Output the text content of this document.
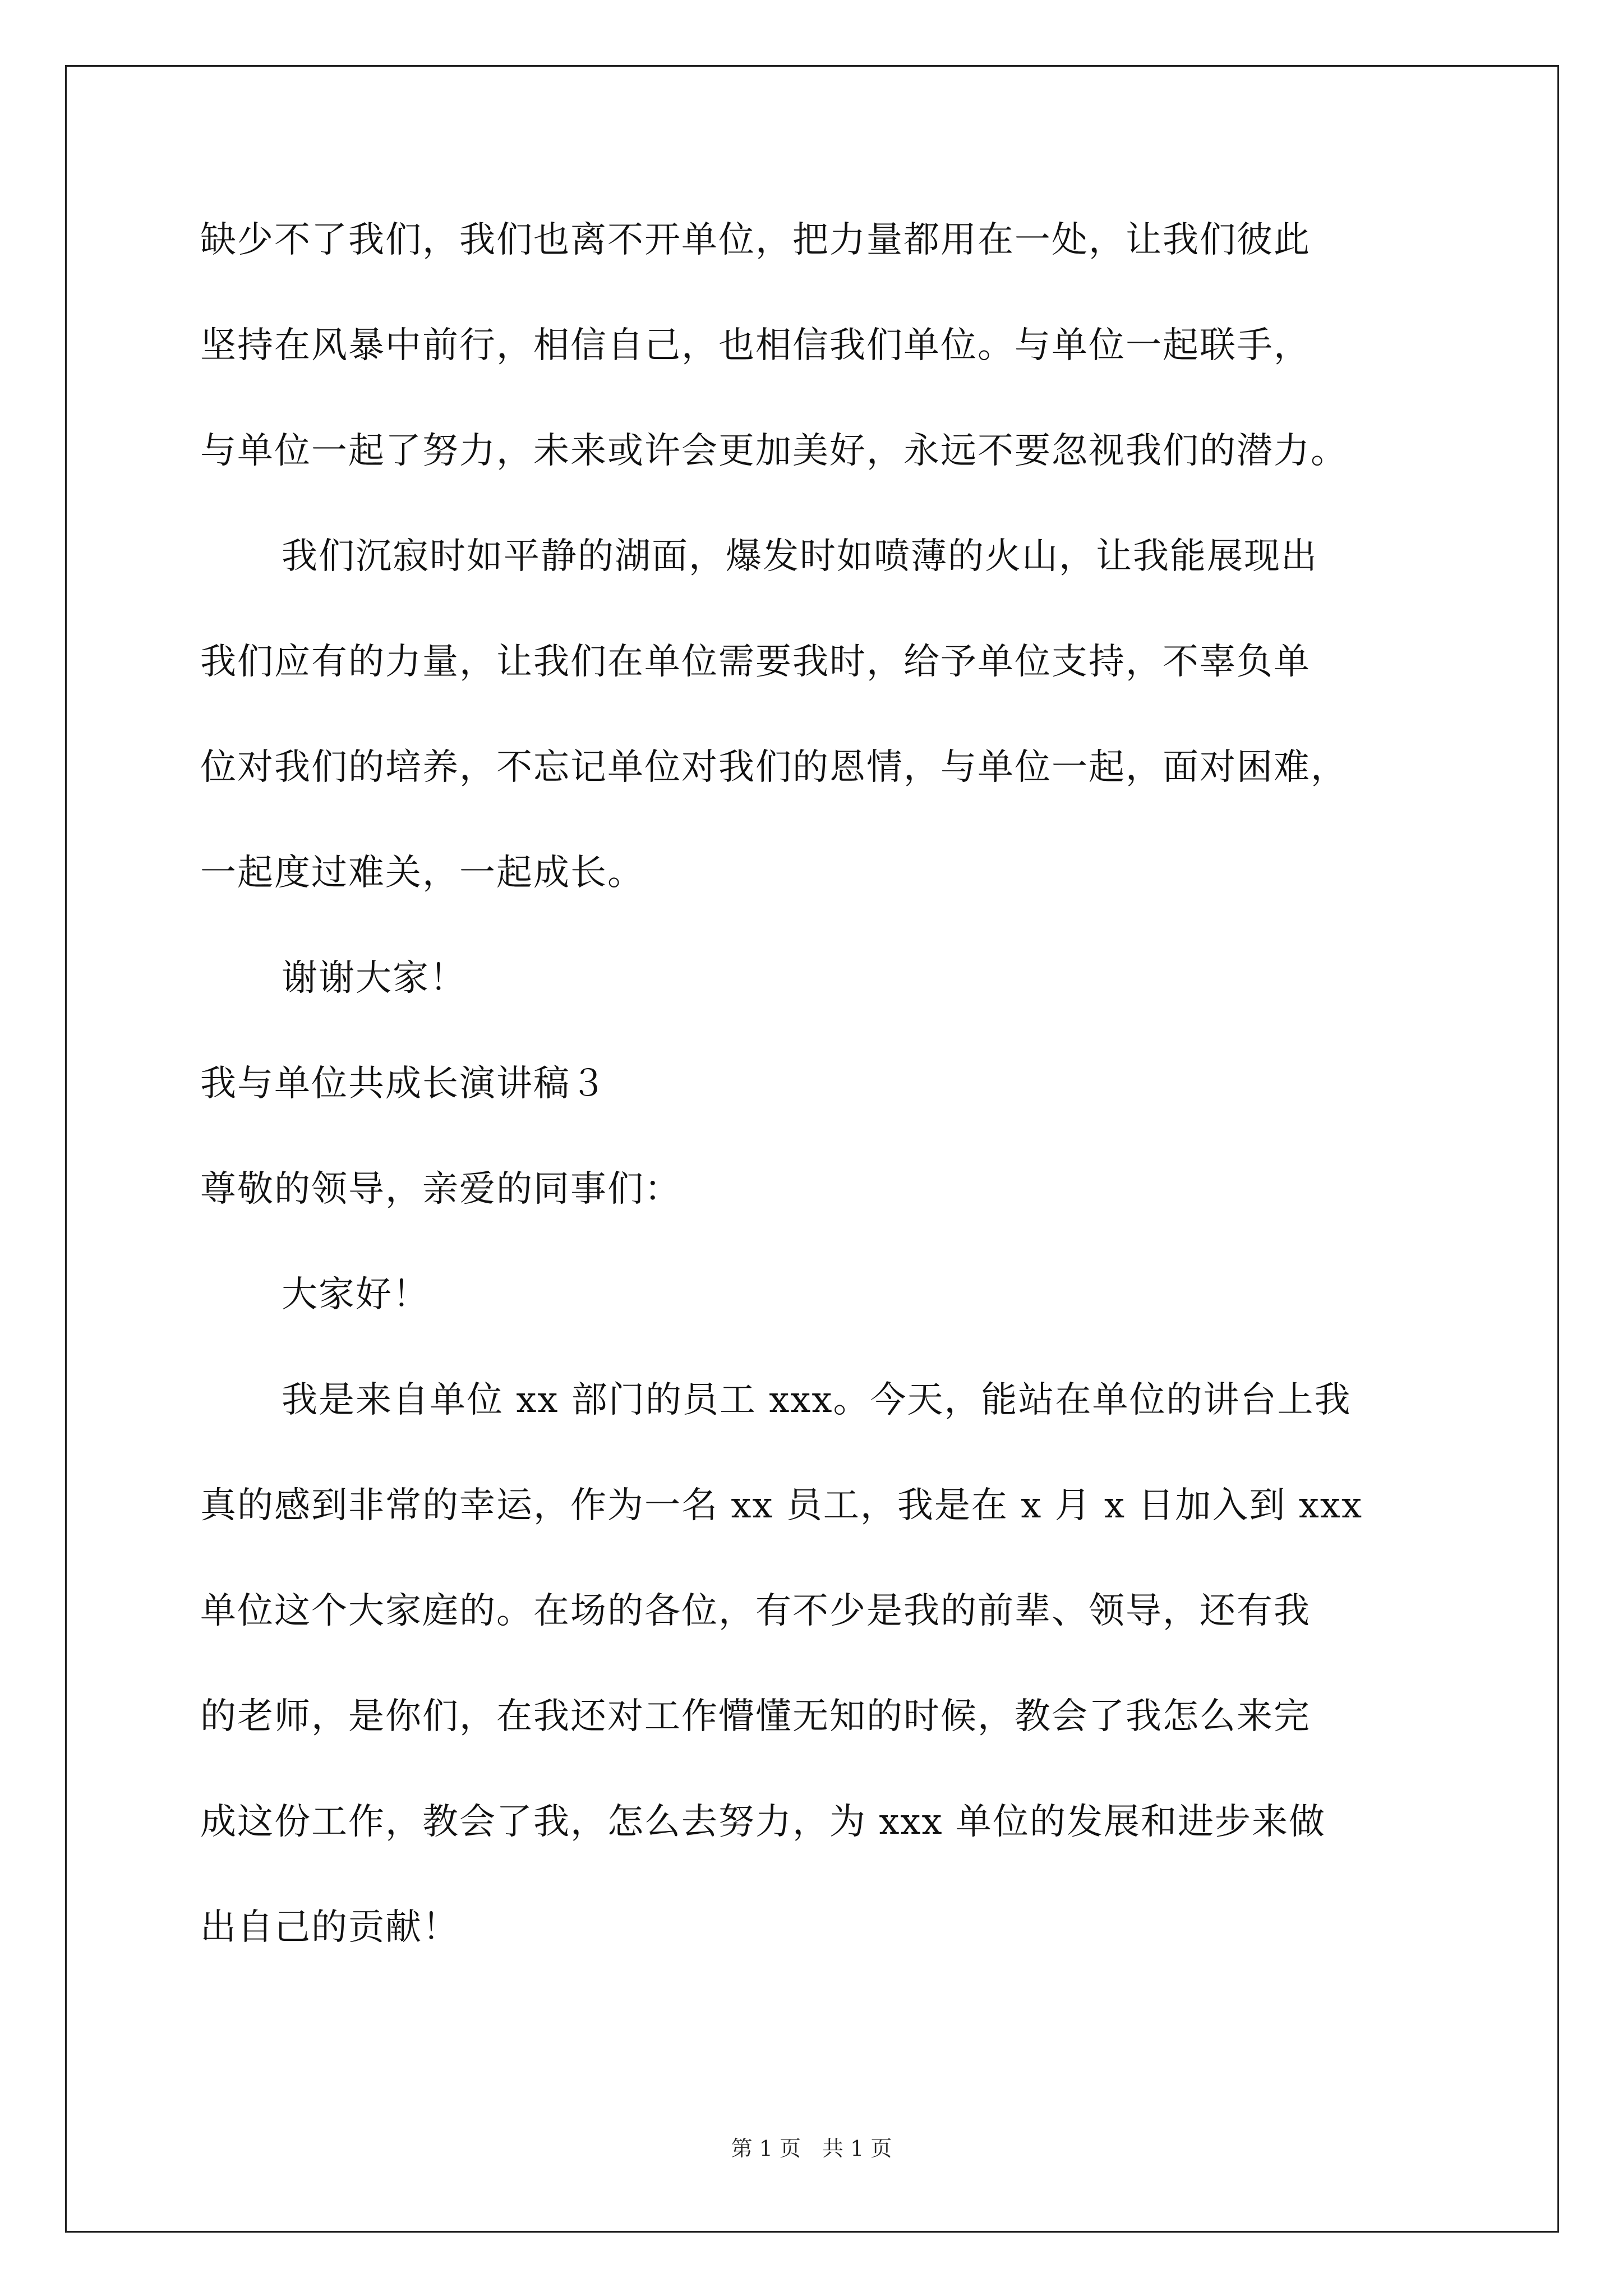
缺少不了我们，我们也离不开单位，把力量都用在一处，让我们彼此
坚持在风暴中前行，相信自己，也相信我们单位。与单位一起联手，
与单位一起了努力，未来或许会更加美好，永远不要忽视我们的潜力。
我们沉寂时如平静的湖面，爆发时如喷薄的火山，让我能展现出
我们应有的力量，让我们在单位需要我时，给予单位支持，不辜负单
位对我们的培养，不忘记单位对我们的恩情，与单位一起，面对困难，
一起度过难关，一起成长。
谢谢大家！
我与单位共成长演讲稿３
尊敬的领导，亲爱的同事们：
大家好！
我是来自单位 xx 部门的员工 xxx。今天，能站在单位的讲台上我
真的感到非常的幸运，作为一名 xx 员工，我是在 x 月 x 日加入到 xxx
单位这个大家庭的。在场的各位，有不少是我的前辈、领导，还有我
的老师，是你们，在我还对工作懵懂无知的时候，教会了我怎么来完
成这份工作，教会了我，怎么去努力，为 xxx 单位的发展和进步来做
出自己的贡献！
第 1 页　共 1 页
